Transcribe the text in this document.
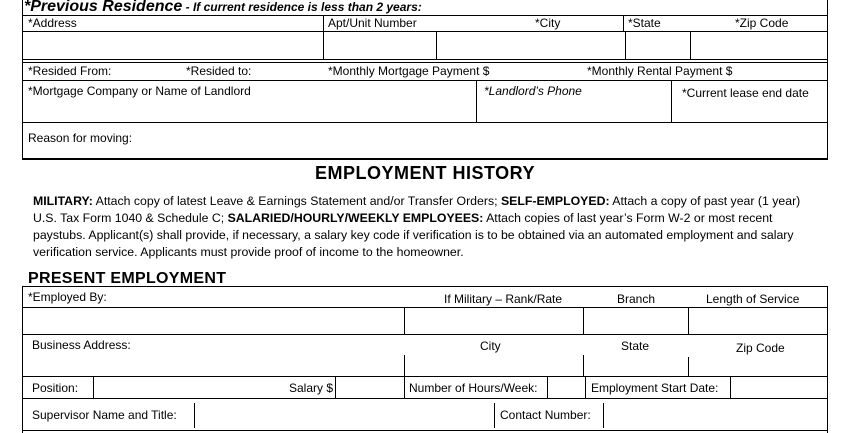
*Previous Residence - If current residence is less than 2 years:
*Address	Apt/Unit Number	*City	*State	*Zip Code
*Resided From:	*Resided to:	*Monthly Mortgage Payment $	*Monthly Rental Payment $
*Mortgage Company or Name of Landlord	*Landlord’s Phone	*Current lease end date
Reason for moving:
EMPLOYMENT HISTORY
MILITARY: Attach copy of latest Leave & Earnings Statement and/or Transfer Orders; SELF-EMPLOYED: Attach a copy of past year (1 year) U.S. Tax Form 1040 & Schedule C; SALARIED/HOURLY/WEEKLY EMPLOYEES: Attach copies of last year’s Form W-2 or most recent paystubs. Applicant(s) shall provide, if necessary, a salary key code if verification is to be obtained via an automated employment and salary verification service. Applicants must provide proof of income to the homeowner.
PRESENT EMPLOYMENT
*Employed By:	If Military – Rank/Rate	Branch	Length of Service
Business Address:	City	State	Zip Code
Position:	Salary $	Number of Hours/Week:	Employment Start Date:
Supervisor Name and Title:	Contact Number:
